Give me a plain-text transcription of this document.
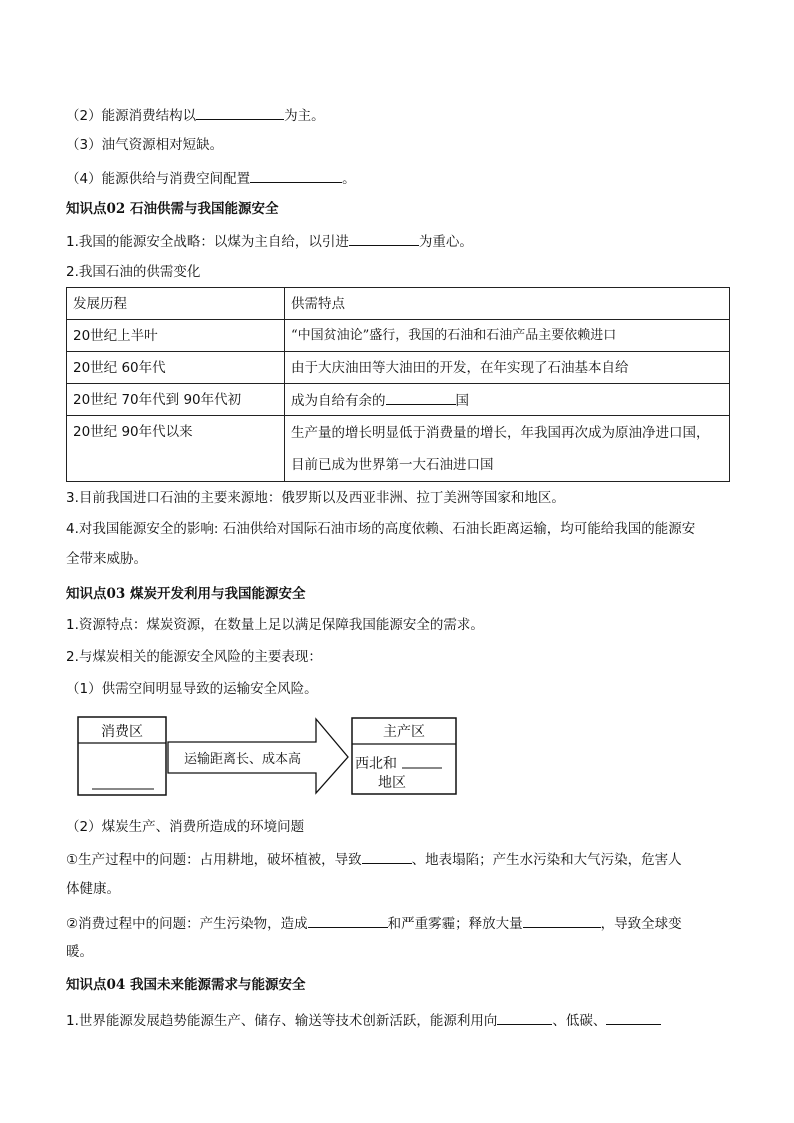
（2）能源消费结构以	为主。
（3）油气资源相对短缺。
（4）能源供给与消费空间配置	。
知识点02 石油供需与我国能源安全
1.我国的能源安全战略：以煤为主自给，以引进	为重心。
2.我国石油的供需变化
发展历程	供需特点
20世纪上半叶	“中国贫油论”盛行，我国的石油和石油产品主要依赖进口
20世纪 60年代	由于大庆油田等大油田的开发，在年实现了石油基本自给
20世纪 70年代到 90年代初	成为自给有余的 国
20世纪 90年代以来	生产量的增长明显低于消费量的增长，年我国再次成为原油净进口国，
目前已成为世界第一大石油进口国
3.目前我国进口石油的主要来源地：俄罗斯以及西亚非洲、拉丁美洲等国家和地区。
4.对我国能源安全的影响: 石油供给对国际石油市场的高度依赖、石油长距离运输，均可能给我国的能源安
全带来威胁。
知识点03 煤炭开发利用与我国能源安全
1.资源特点：煤炭资源，在数量上足以满足保障我国能源安全的需求。
2.与煤炭相关的能源安全风险的主要表现：
（1）供需空间明显导致的运输安全风险。
消费区	主产区
运输距离长、成本高	西北和
地区
（2）煤炭生产、消费所造成的环境问题
①生产过程中的问题：占用耕地，破坏植被，导致	、地表塌陷；产生水污染和大气污染，危害人
体健康。
②消费过程中的问题：产生污染物，造成	和严重雾霾；释放大量	，导致全球变
暖。
知识点04 我国未来能源需求与能源安全
1.世界能源发展趋势能源生产、储存、输送等技术创新活跃，能源利用向	、低碳、
